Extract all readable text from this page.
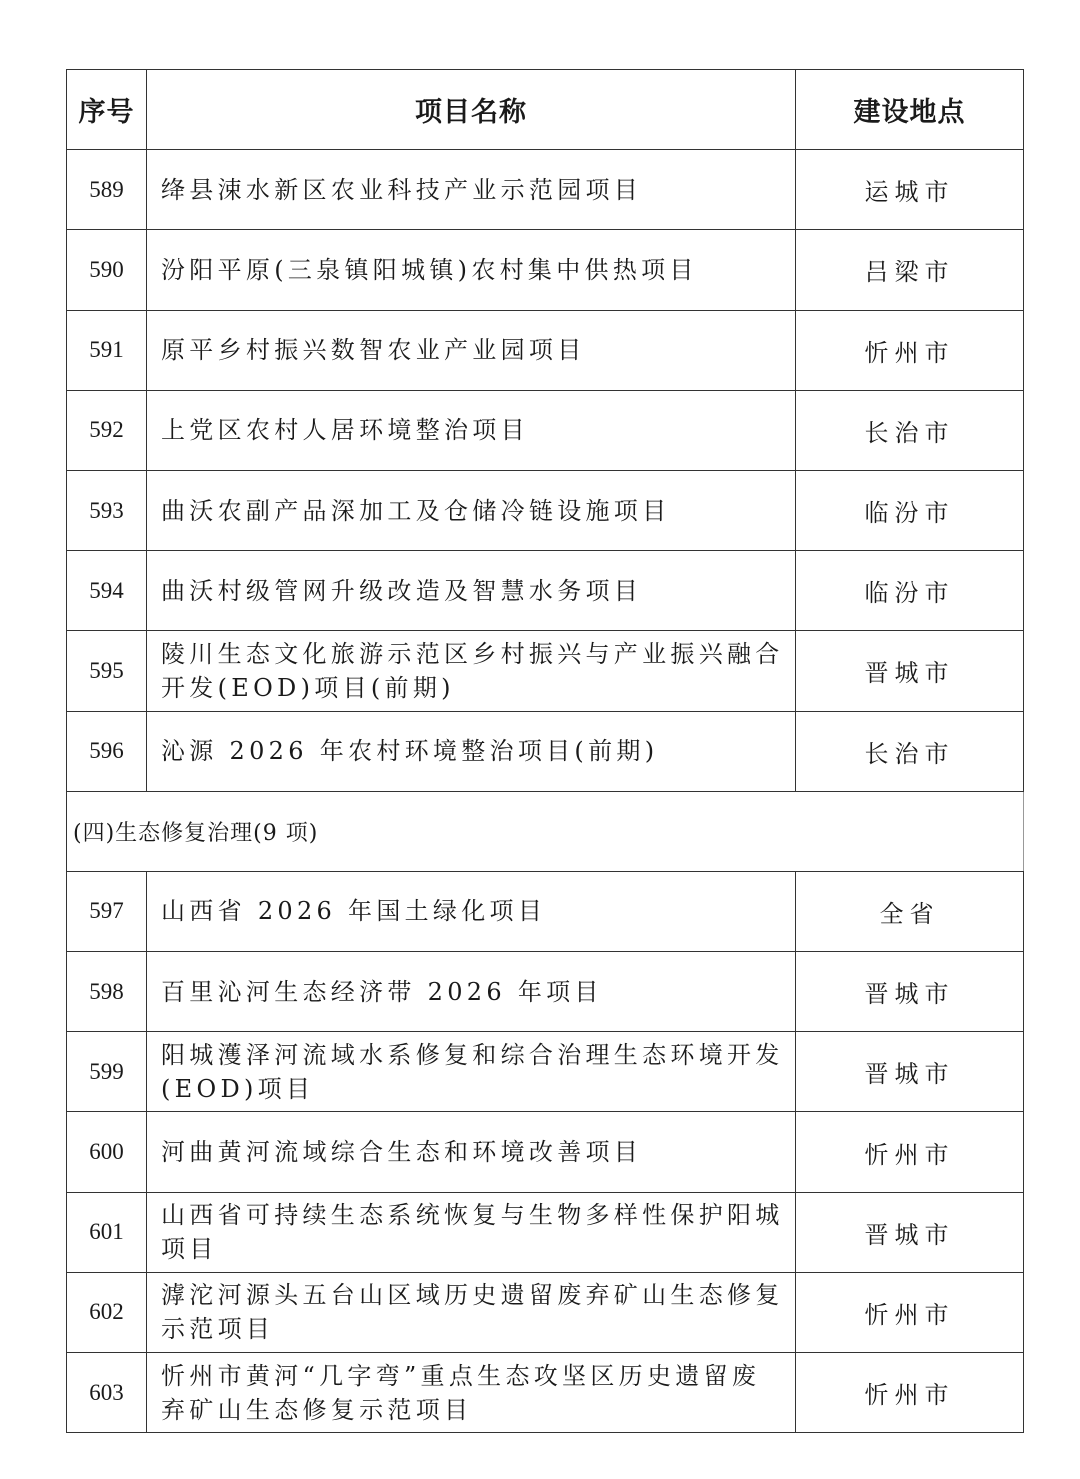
序号	项目名称	建设地点
589	绛县涑水新区农业科技产业示范园项目	运城市
590	汾阳平原(三泉镇阳城镇)农村集中供热项目	吕梁市
591	原平乡村振兴数智农业产业园项目	忻州市
592	上党区农村人居环境整治项目	长治市
593	曲沃农副产品深加工及仓储冷链设施项目	临汾市
594	曲沃村级管网升级改造及智慧水务项目	临汾市
595	陵川生态文化旅游示范区乡村振兴与产业振兴融合开发(EOD)项目(前期)	晋城市
596	沁源 2026 年农村环境整治项目(前期)	长治市
(四)生态修复治理(9 项)		
597	山西省 2026 年国土绿化项目	全省
598	百里沁河生态经济带 2026 年项目	晋城市
599	阳城濩泽河流域水系修复和综合治理生态环境开发(EOD)项目	晋城市
600	河曲黄河流域综合生态和环境改善项目	忻州市
601	山西省可持续生态系统恢复与生物多样性保护阳城项目	晋城市
602	滹沱河源头五台山区域历史遗留废弃矿山生态修复示范项目	忻州市
603	忻州市黄河“几字弯”重点生态攻坚区历史遗留废弃矿山生态修复示范项目	忻州市
